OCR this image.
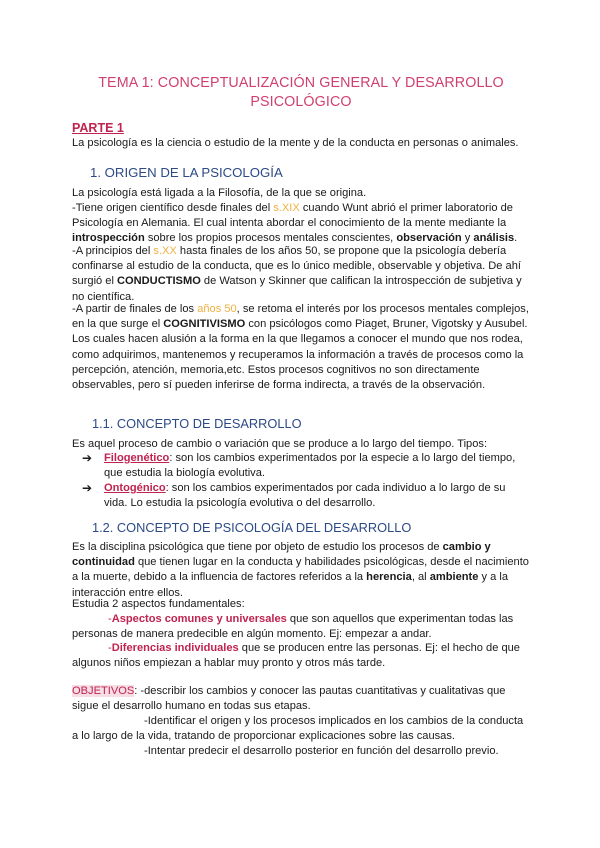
TEMA 1: CONCEPTUALIZACIÓN GENERAL Y DESARROLLO
PSICOLÓGICO
PARTE 1

La psicología es la ciencia o estudio de la mente y de la conducta en personas o animales.

1. ORIGEN DE LA PSICOLOGÍA

La psicología está ligada a la Filosofía, de la que se origina.

-Tiene origen científico desde finales del s.XIX cuando Wunt abrió el primer laboratorio de Psicología en Alemania. El cual intenta abordar el conocimiento de la mente mediante la introspección sobre los propios procesos mentales conscientes, observación y análisis.

-A principios del s.XX hasta finales de los años 50, se propone que la psicología debería confinarse al estudio de la conducta, que es lo único medible, observable y objetiva. De ahí surgió el CONDUCTISMO de Watson y Skinner que califican la introspección de subjetiva y no científica.

-A partir de finales de los años 50, se retoma el interés por los procesos mentales complejos, en la que surge el COGNITIVISMO con psicólogos como Piaget, Bruner, Vigotsky y Ausubel. Los cuales hacen alusión a la forma en la que llegamos a conocer el mundo que nos rodea, como adquirimos, mantenemos y recuperamos la información a través de procesos como la percepción, atención, memoria,etc. Estos procesos cognitivos no son directamente observables, pero sí pueden inferirse de forma indirecta, a través de la observación.

1.1. CONCEPTO DE DESARROLLO

Es aquel proceso de cambio o variación que se produce a lo largo del tiempo. Tipos:

➔	Filogenético: son los cambios experimentados por la especie a lo largo del tiempo, que estudia la biología evolutiva.
➔	Ontogénico: son los cambios experimentados por cada individuo a lo largo de su vida. Lo estudia la psicología evolutiva o del desarrollo.
1.2. CONCEPTO DE PSICOLOGÍA DEL DESARROLLO

Es la disciplina psicológica que tiene por objeto de estudio los procesos de cambio y continuidad que tienen lugar en la conducta y habilidades psicológicas, desde el nacimiento a la muerte, debido a la influencia de factores referidos a la herencia, al ambiente y a la interacción entre ellos.

Estudia 2 aspectos fundamentales:

-Aspectos comunes y universales que son aquellos que experimentan todas las personas de manera predecible en algún momento. Ej: empezar a andar.

-Diferencias individuales que se producen entre las personas. Ej: el hecho de que algunos niños empiezan a hablar muy pronto y otros más tarde.

OBJETIVOS: -describir los cambios y conocer las pautas cuantitativas y cualitativas que sigue el desarrollo humano en todas sus etapas.

-Identificar el origen y los procesos implicados en los cambios de la conducta a lo largo de la vida, tratando de proporcionar explicaciones sobre las causas.

-Intentar predecir el desarrollo posterior en función del desarrollo previo.
